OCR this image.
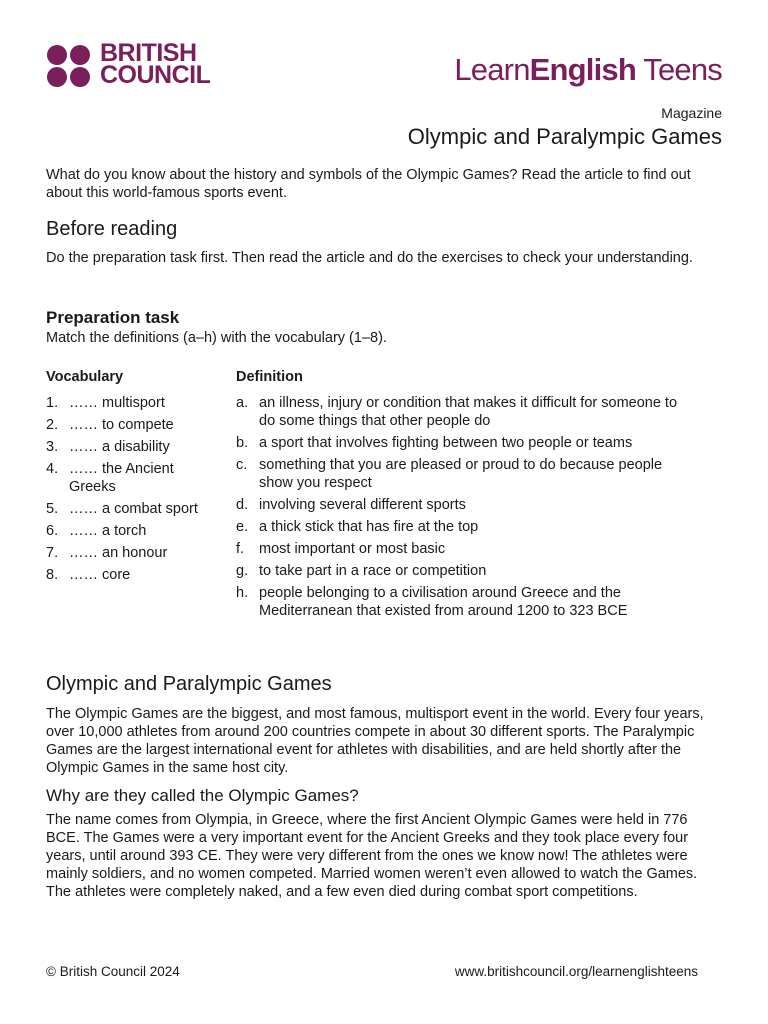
BRITISH
COUNCIL	LearnEnglish Teens
Magazine
Olympic and Paralympic Games
What do you know about the history and symbols of the Olympic Games? Read the article to find out about this world-famous sports event.
Before reading
Do the preparation task first. Then read the article and do the exercises to check your understanding.
Preparation task
Match the definitions (a–h) with the vocabulary (1–8).
Vocabulary	Definition
1. …… multisport
2. …… to compete
3. …… a disability
4. …… the Ancient Greeks
5. …… a combat sport
6. …… a torch
7. …… an honour
8. …… core
a. an illness, injury or condition that makes it difficult for someone to do some things that other people do
b. a sport that involves fighting between two people or teams
c. something that you are pleased or proud to do because people show you respect
d. involving several different sports
e. a thick stick that has fire at the top
f.	most important or most basic
g. to take part in a race or competition
h. people belonging to a civilisation around Greece and the Mediterranean that existed from around 1200 to 323 BCE
Olympic and Paralympic Games
The Olympic Games are the biggest, and most famous, multisport event in the world. Every four years, over 10,000 athletes from around 200 countries compete in about 30 different sports. The Paralympic Games are the largest international event for athletes with disabilities, and are held shortly after the Olympic Games in the same host city.
Why are they called the Olympic Games?
The name comes from Olympia, in Greece, where the first Ancient Olympic Games were held in 776 BCE. The Games were a very important event for the Ancient Greeks and they took place every four years, until around 393 CE. They were very different from the ones we know now! The athletes were mainly soldiers, and no women competed. Married women weren’t even allowed to watch the Games. The athletes were completely naked, and a few even died during combat sport competitions.
© British Council 2024	www.britishcouncil.org/learnenglishteens
